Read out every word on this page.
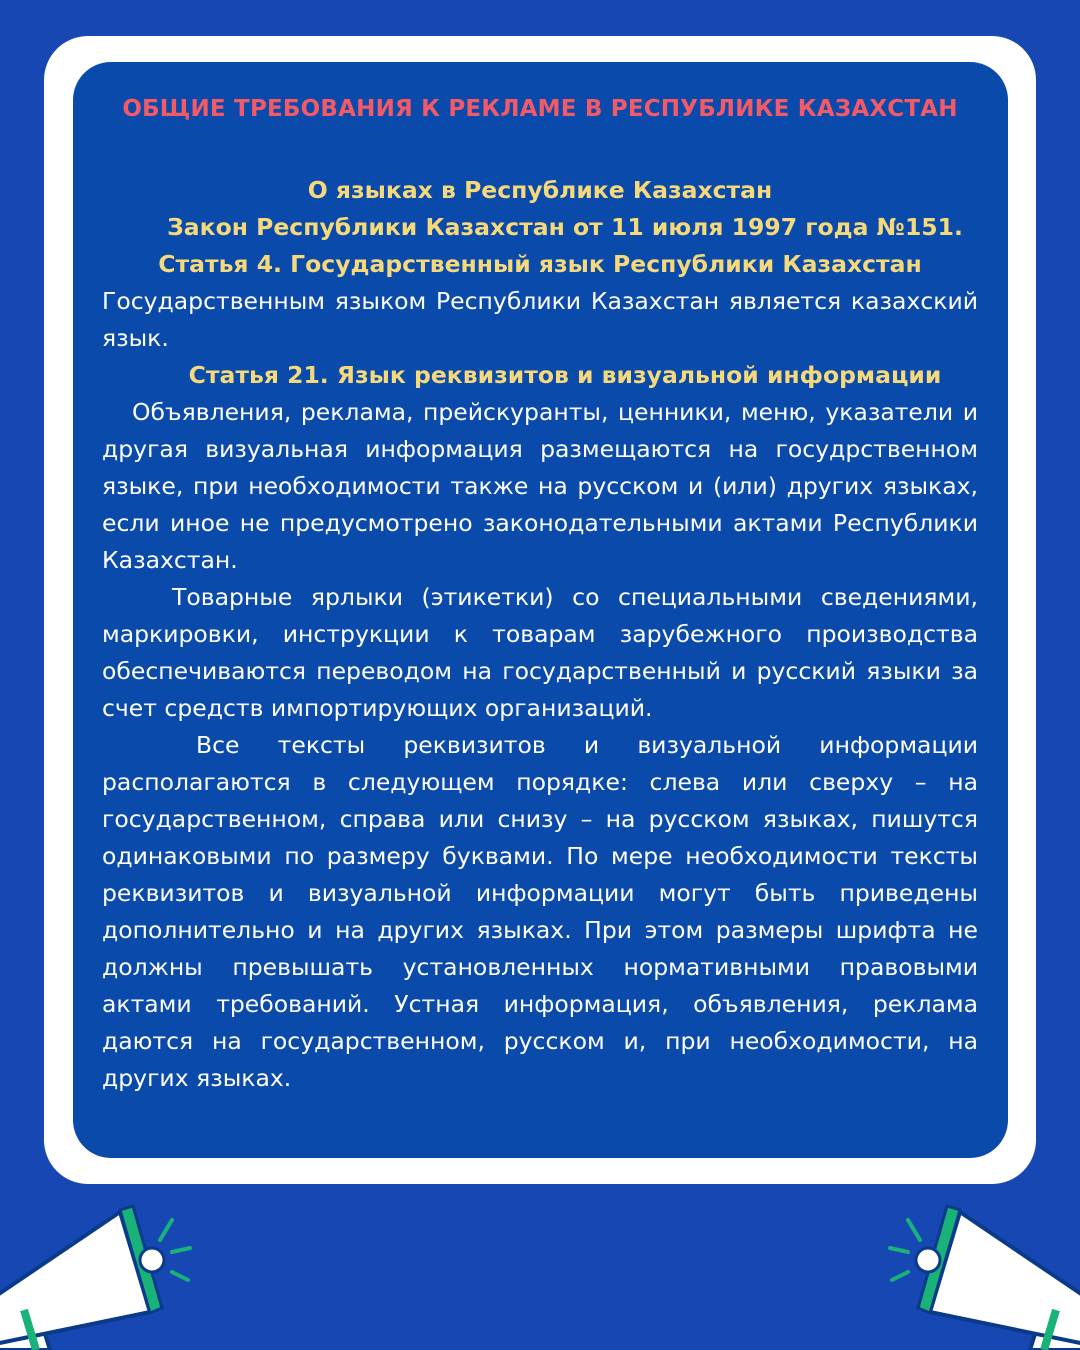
ОБЩИЕ ТРЕБОВАНИЯ К РЕКЛАМЕ В РЕСПУБЛИКЕ КАЗАХСТАН

О языках в Республике Казахстан

Закон Республики Казахстан от 11 июля 1997 года №151.

Статья 4. Государственный язык Республики Казахстан

Государственным языком Республики Казахстан является казахский язык.

Статья 21. Язык реквизитов и визуальной информации

Объявления, реклама, прейскуранты, ценники, меню, указатели и другая визуальная информация размещаются на госудрственном языке, при необходимости также на русском и (или) других языках, если иное не предусмотрено законодательными актами Республики Казахстан.

Товарные ярлыки (этикетки) со специальными сведениями, маркировки, инструкции к товарам зарубежного производства обеспечиваются переводом на государственный и русский языки за счет средств импортирующих организаций.

Все тексты реквизитов и визуальной информации располагаются в следующем порядке: слева или сверху – на государственном, справа или снизу – на русском языках, пишутся одинаковыми по размеру буквами. По мере необходимости тексты реквизитов и визуальной информации могут быть приведены дополнительно и на других языках. При этом размеры шрифта не должны превышать установленных нормативными правовыми актами требований. Устная информация, объявления, реклама даются на государственном, русском и, при необходимости, на других языках.
